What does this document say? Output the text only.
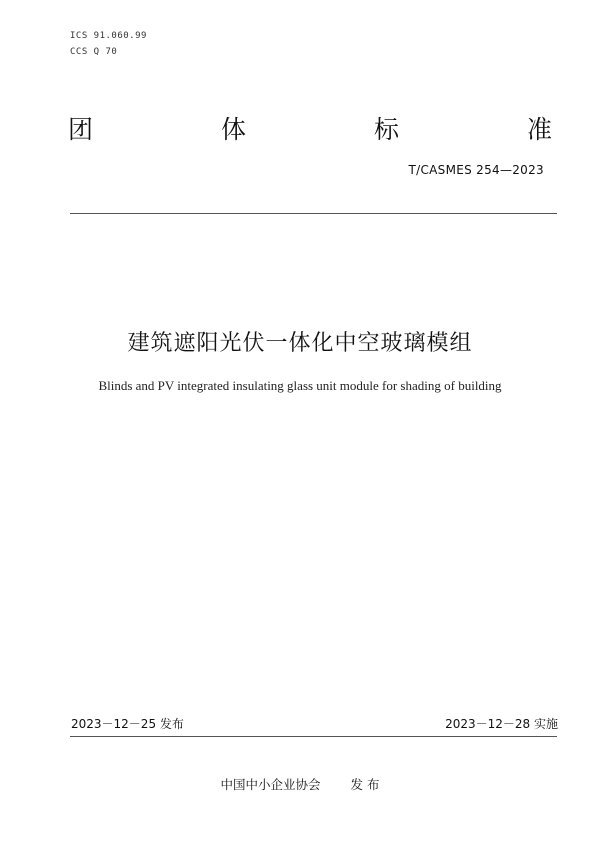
ICS 91.060.99
CCS Q 70
团	体	标	准
T/CASMES 254—2023
建筑遮阳光伏一体化中空玻璃模组
Blinds and PV integrated insulating glass unit module for shading of building
2023－12－25 发布	2023－12－28 实施
中国中小企业协会 发 布
